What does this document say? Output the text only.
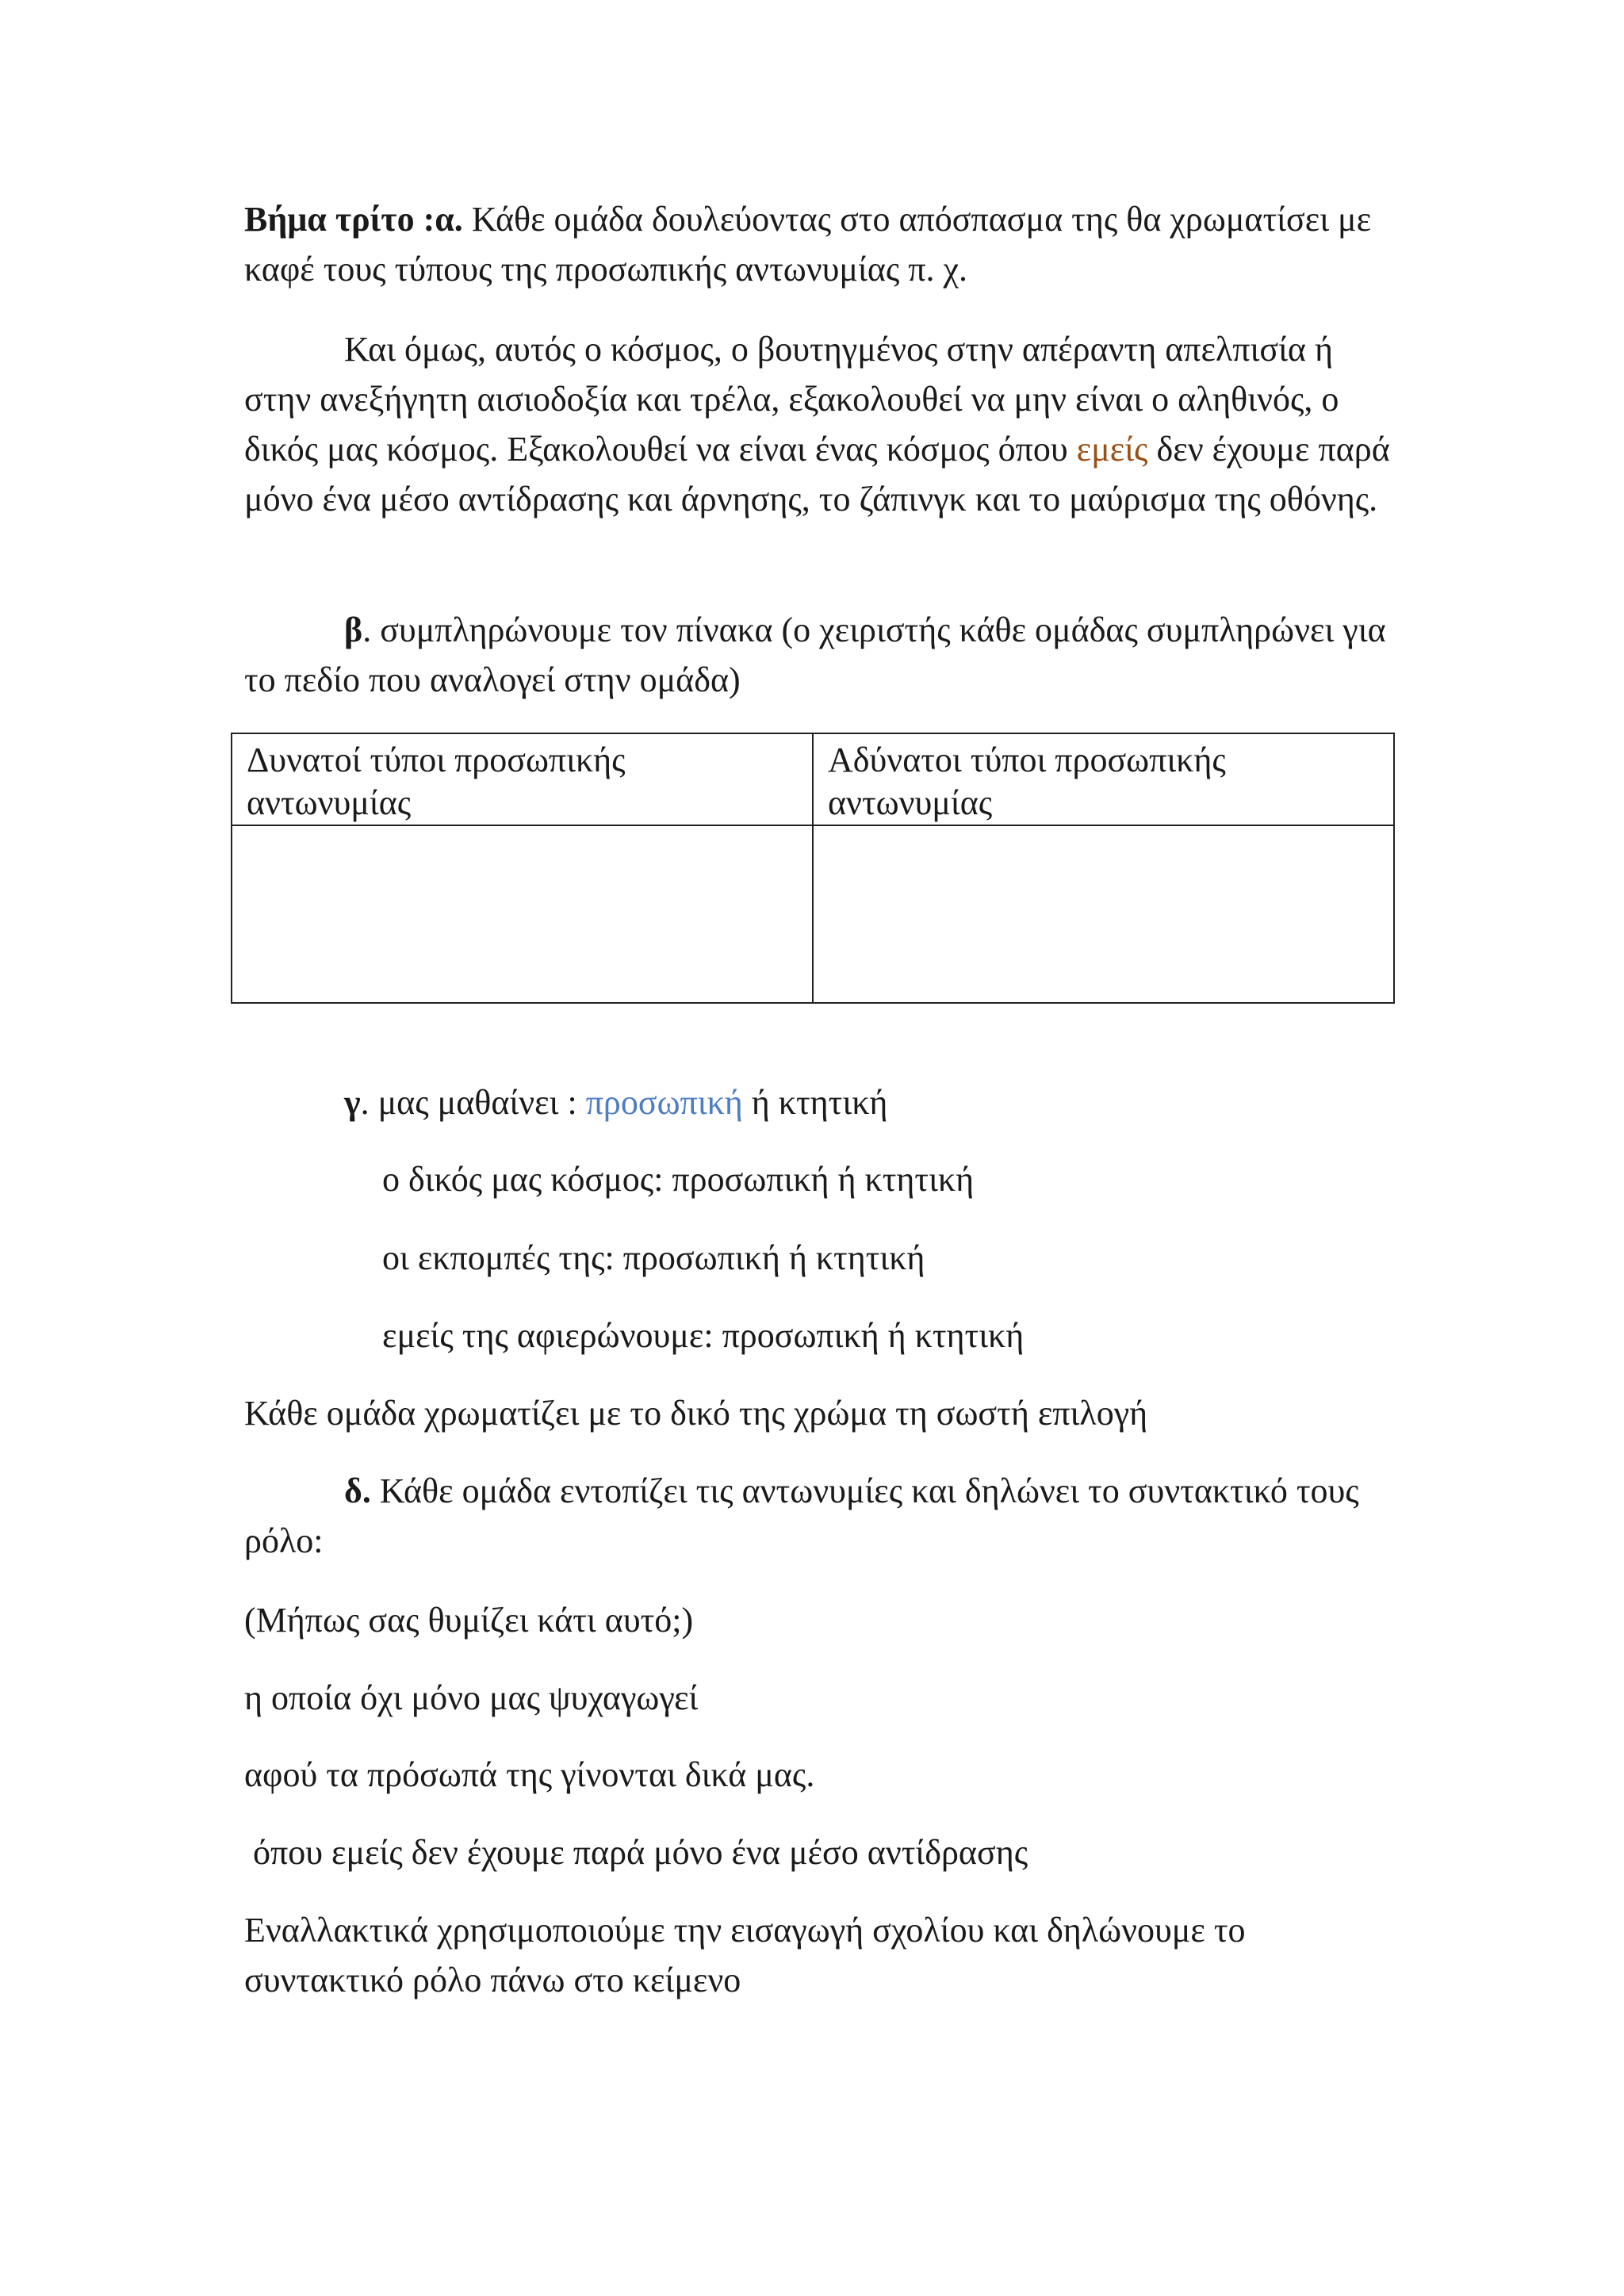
Βήμα τρίτο :α. Κάθε ομάδα δουλεύοντας στο απόσπασμα της θα χρωματίσει με καφέ τους τύπους της προσωπικής αντωνυμίας π. χ.

Και όμως, αυτός ο κόσμος, ο βουτηγμένος στην απέραντη απελπισία ή στην ανεξήγητη αισιοδοξία και τρέλα, εξακολουθεί να μην είναι ο αληθινός, ο δικός μας κόσμος. Εξακολουθεί να είναι ένας κόσμος όπου εμείς δεν έχουμε παρά μόνο ένα μέσο αντίδρασης και άρνησης, το ζάπινγκ και το μαύρισμα της οθόνης.

β. συμπληρώνουμε τον πίνακα (ο χειριστής κάθε ομάδας συμπληρώνει για το πεδίο που αναλογεί στην ομάδα)

Δυνατοί τύποι προσωπικής αντωνυμίας	Αδύνατοι τύποι προσωπικής αντωνυμίας

γ. μας μαθαίνει : προσωπική ή κτητική

ο δικός μας κόσμος: προσωπική ή κτητική

οι εκπομπές της: προσωπική ή κτητική

εμείς της αφιερώνουμε: προσωπική ή κτητική

Κάθε ομάδα χρωματίζει με το δικό της χρώμα τη σωστή επιλογή

δ. Κάθε ομάδα εντοπίζει τις αντωνυμίες και δηλώνει το συντακτικό τους ρόλο:

(Μήπως σας θυμίζει κάτι αυτό;)

η οποία όχι μόνο μας ψυχαγωγεί

αφού τα πρόσωπά της γίνονται δικά μας.

όπου εμείς δεν έχουμε παρά μόνο ένα μέσο αντίδρασης

Εναλλακτικά χρησιμοποιούμε την εισαγωγή σχολίου και δηλώνουμε το συντακτικό ρόλο πάνω στο κείμενο
